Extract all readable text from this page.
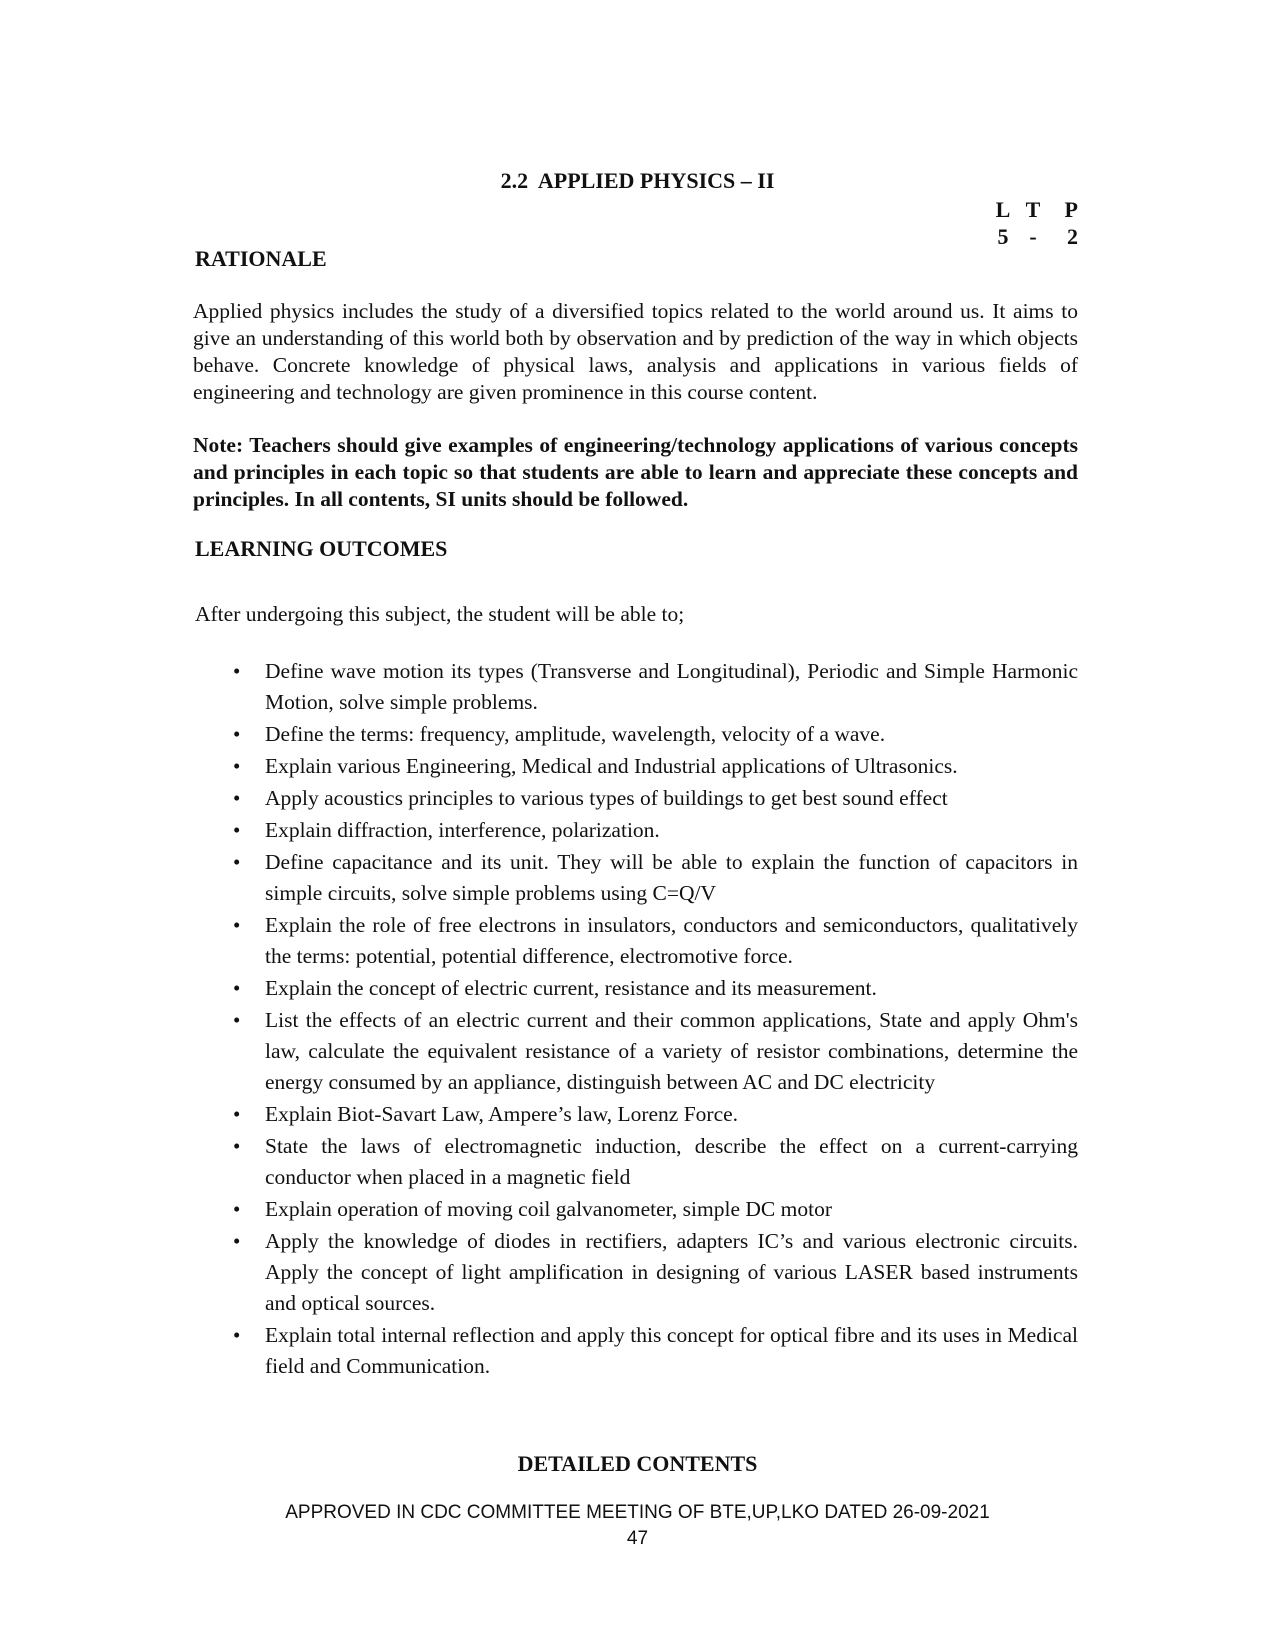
2.2  APPLIED PHYSICS – II
L T	P
5 -	2
RATIONALE

Applied physics includes the study of a diversified topics related to the world around us. It aims to give an understanding of this world both by observation and by prediction of the way in which objects behave. Concrete knowledge of physical laws, analysis and applications in various fields of engineering and technology are given prominence in this course content.

Note: Teachers should give examples of engineering/technology applications of various concepts and principles in each topic so that students are able to learn and appreciate these concepts and principles. In all contents, SI units should be followed.

LEARNING OUTCOMES

After undergoing this subject, the student will be able to;

• Define wave motion its types (Transverse and Longitudinal), Periodic and Simple Harmonic Motion, solve simple problems.
• Define the terms: frequency, amplitude, wavelength, velocity of a wave.
• Explain various Engineering, Medical and Industrial applications of Ultrasonics.
• Apply acoustics principles to various types of buildings to get best sound effect
• Explain diffraction, interference, polarization.
• Define capacitance and its unit. They will be able to explain the function of capacitors in simple circuits, solve simple problems using C=Q/V
• Explain the role of free electrons in insulators, conductors and semiconductors, qualitatively the terms: potential, potential difference, electromotive force.
• Explain the concept of electric current, resistance and its measurement.
• List the effects of an electric current and their common applications, State and apply Ohm's law, calculate the equivalent resistance of a variety of resistor combinations, determine the energy consumed by an appliance, distinguish between AC and DC electricity
• Explain Biot-Savart Law, Ampere’s law, Lorenz Force.
• State the laws of electromagnetic induction, describe the effect on a current-carrying conductor when placed in a magnetic field
• Explain operation of moving coil galvanometer, simple DC motor
• Apply the knowledge of diodes in rectifiers, adapters IC’s and various electronic circuits. Apply the concept of light amplification in designing of various LASER based instruments and optical sources.
• Explain total internal reflection and apply this concept for optical fibre and its uses in Medical field and Communication.
DETAILED CONTENTS
APPROVED IN CDC COMMITTEE MEETING OF BTE,UP,LKO DATED 26-09-2021
47
